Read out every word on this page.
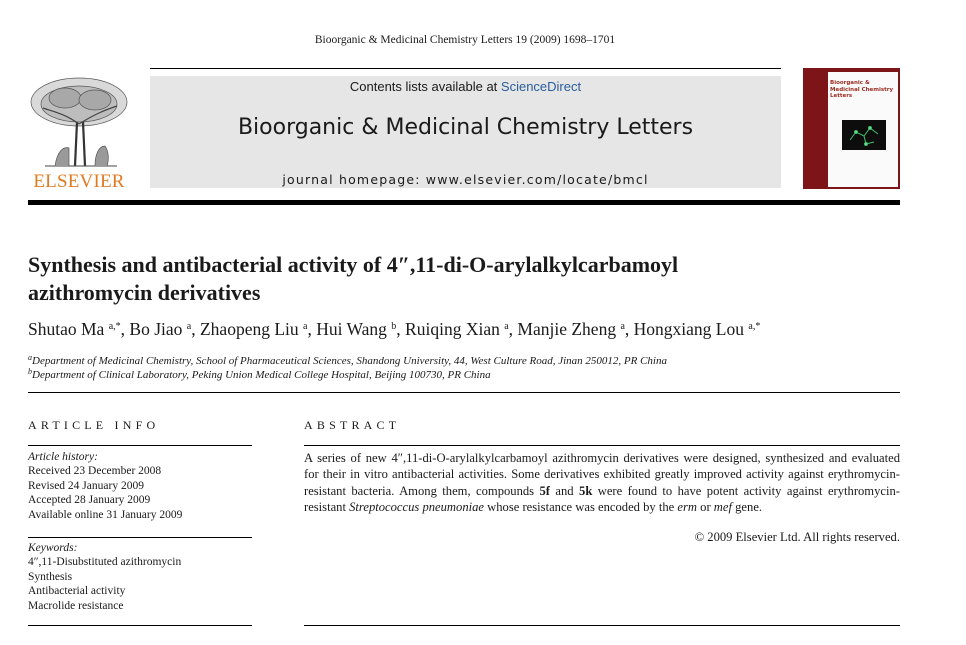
Bioorganic & Medicinal Chemistry Letters 19 (2009) 1698–1701
ELSEVIER
Contents lists available at ScienceDirect
Bioorganic & Medicinal Chemistry Letters
journal homepage: www.elsevier.com/locate/bmcl
Bioorganic & Medicinal Chemistry Letters
Synthesis and antibacterial activity of 4″,11-di-O-arylalkylcarbamoyl
azithromycin derivatives
Shutao Ma $^{a,*}$, Bo Jiao $^a$, Zhaopeng Liu $^a$, Hui Wang $^b$, Ruiqing Xian $^a$, Manjie Zheng $^a$, Hongxiang Lou $^{a,*}$
$^a$Department of Medicinal Chemistry, School of Pharmaceutical Sciences, Shandong University, 44, West Culture Road, Jinan 250012, PR China
$^b$Department of Clinical Laboratory, Peking Union Medical College Hospital, Beijing 100730, PR China
ARTICLE INFO	ABSTRACT
Article history:
Received 23 December 2008
Revised 24 January 2009
Accepted 28 January 2009
Available online 31 January 2009
Keywords:
4″,11-Disubstituted azithromycin
Synthesis
Antibacterial activity
Macrolide resistance
A series of new 4″,11-di-O-arylalkylcarbamoyl azithromycin derivatives were designed, synthesized and evaluated for their in vitro antibacterial activities. Some derivatives exhibited greatly improved activity against erythromycin-resistant bacteria. Among them, compounds 5f and 5k were found to have potent activity against erythromycin-resistant Streptococcus pneumoniae whose resistance was encoded by the erm or mef gene.
© 2009 Elsevier Ltd. All rights reserved.
